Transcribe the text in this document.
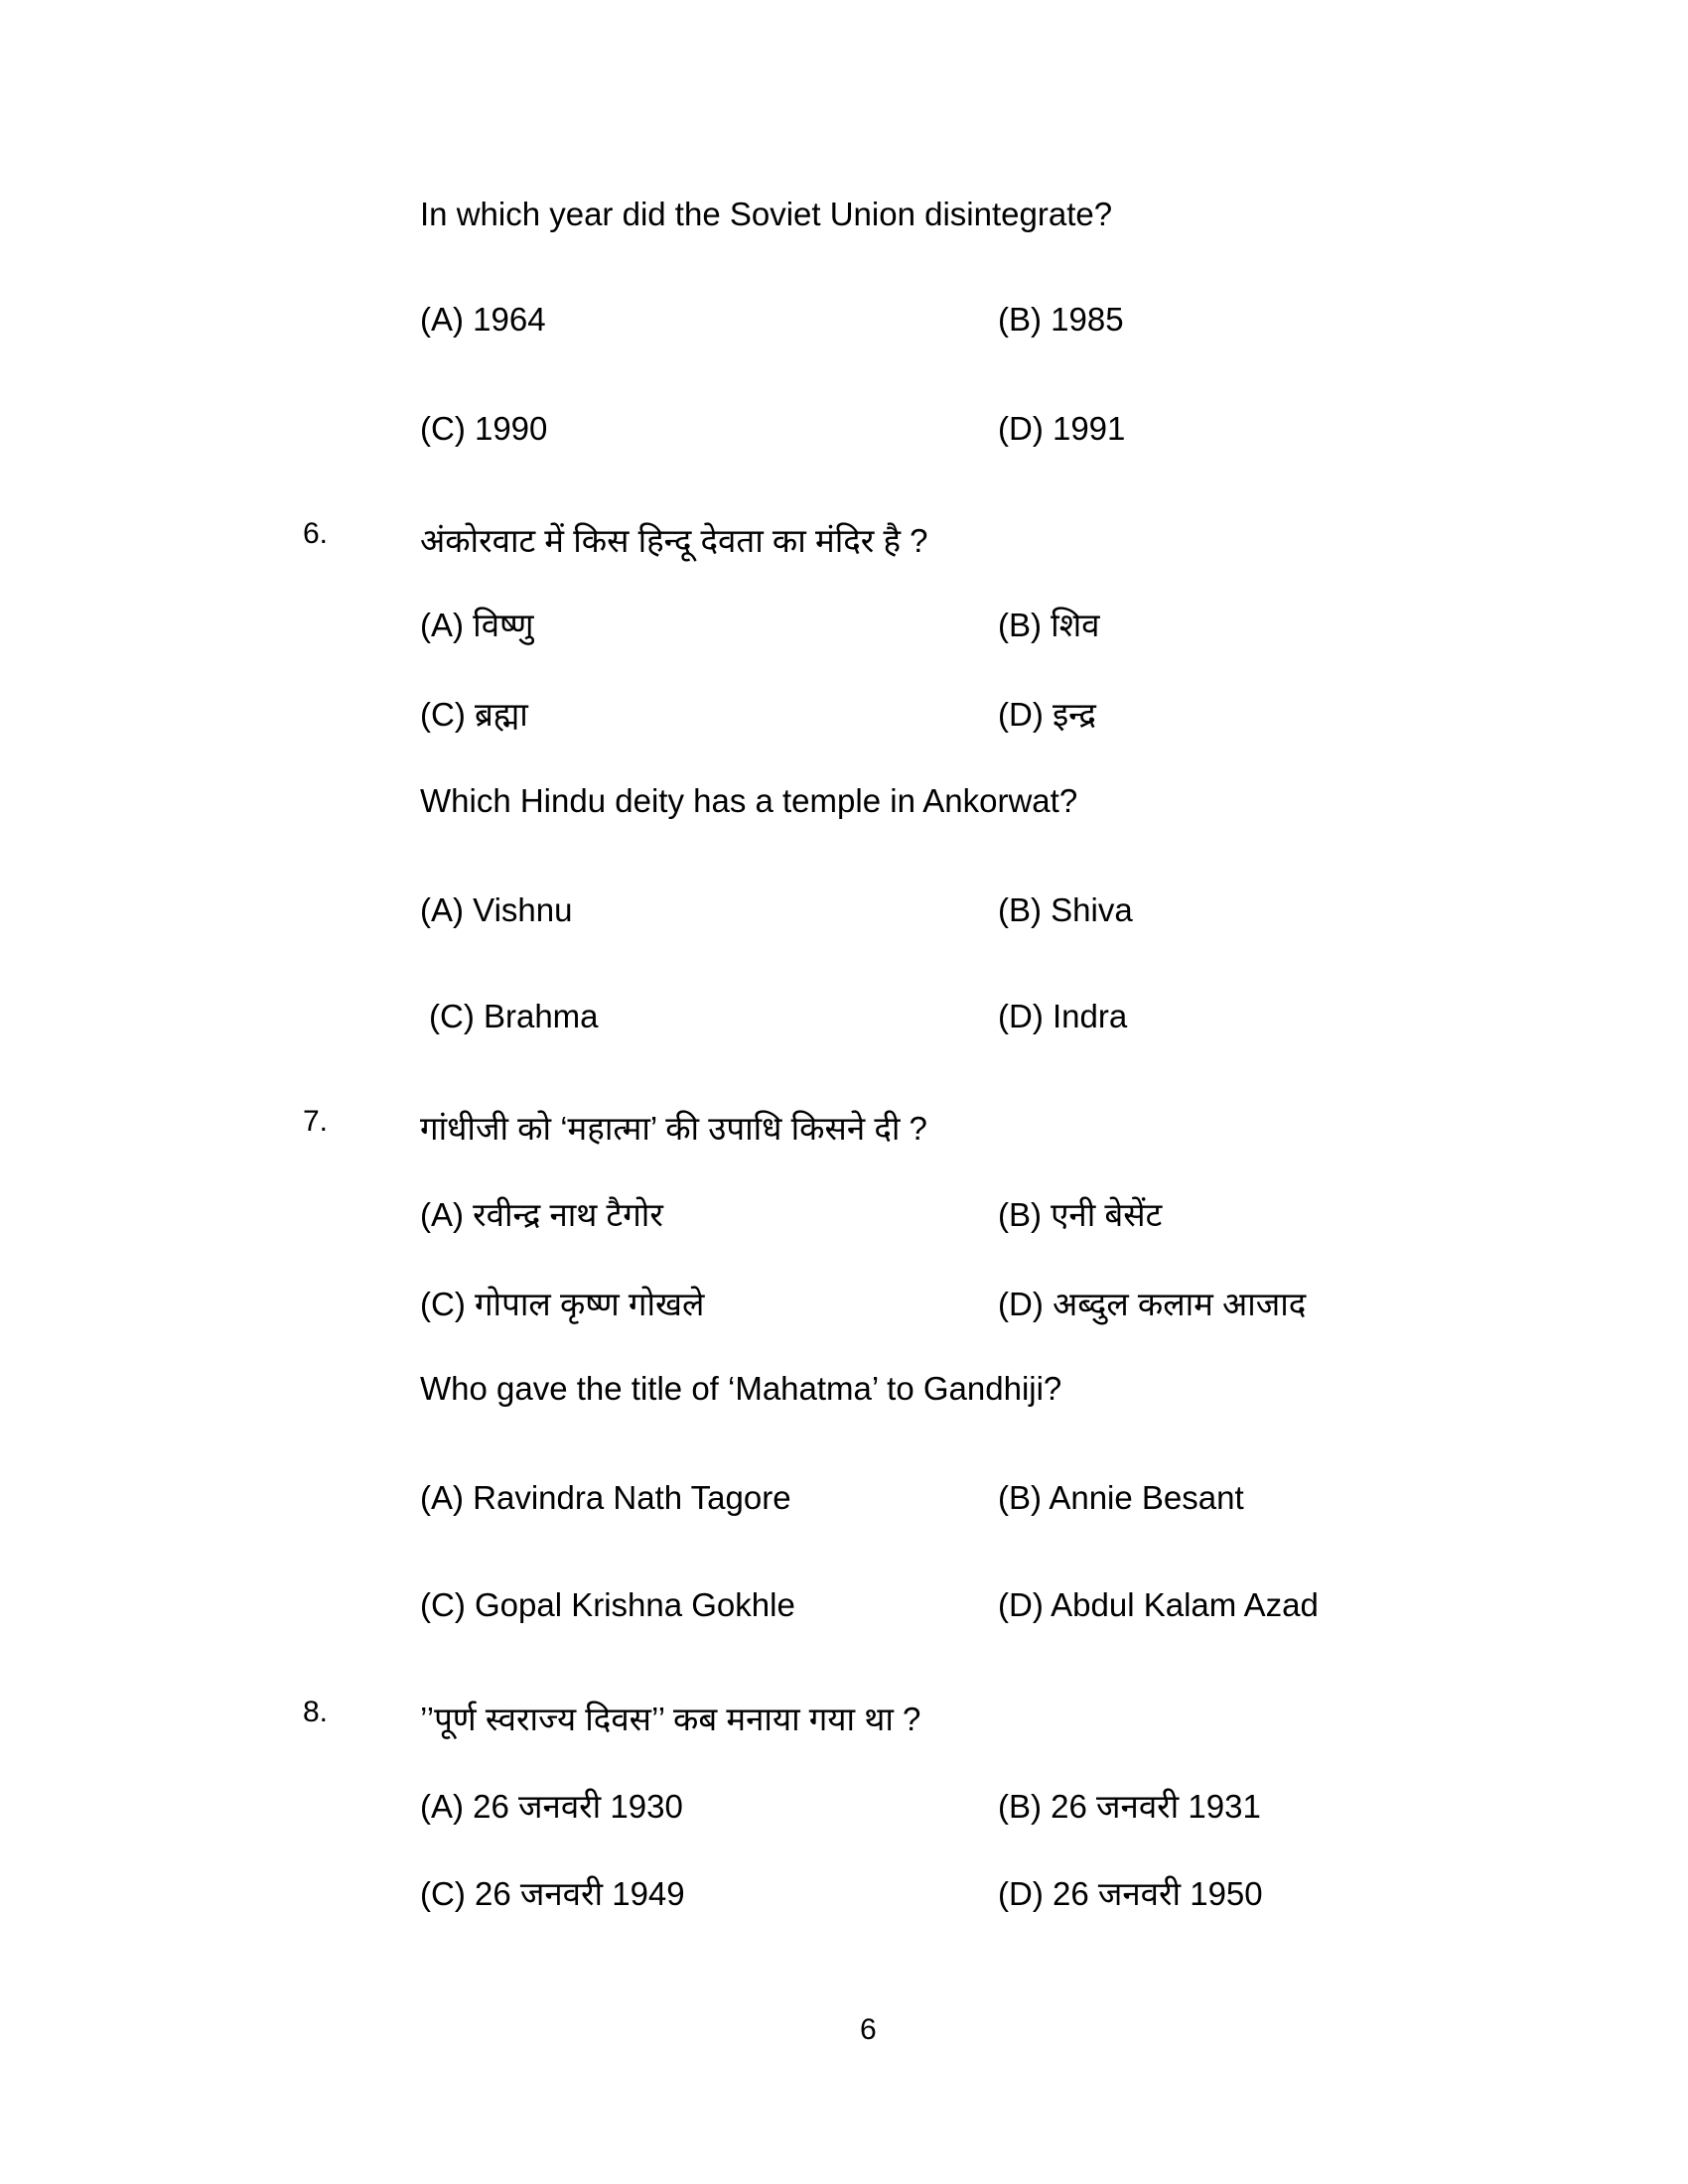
In which year did the Soviet Union disintegrate?
(A) 1964	(B) 1985
(C) 1990	(D) 1991
6.	अंकोरवाट में किस हिन्दू देवता का मंदिर है ?
(A) विष्णु	(B) शिव
(C) ब्रह्मा	(D) इन्द्र
Which Hindu deity has a temple in Ankorwat?
(A) Vishnu	(B) Shiva
(C) Brahma	(D) Indra
7.	गांधीजी को ‘महात्मा’ की उपाधि किसने दी ?
(A) रवीन्द्र नाथ टैगोर	(B) एनी बेसेंट
(C) गोपाल कृष्ण गोखले	(D) अब्दुल कलाम आजाद
Who gave the title of ‘Mahatma’ to Gandhiji?
(A) Ravindra Nath Tagore	(B) Annie Besant
(C) Gopal Krishna Gokhle	(D) Abdul Kalam Azad
8.	’’पूर्ण स्वराज्य दिवस’’ कब मनाया गया था ?
(A) 26 जनवरी 1930	(B) 26 जनवरी 1931
(C) 26 जनवरी 1949	(D) 26 जनवरी 1950
6
